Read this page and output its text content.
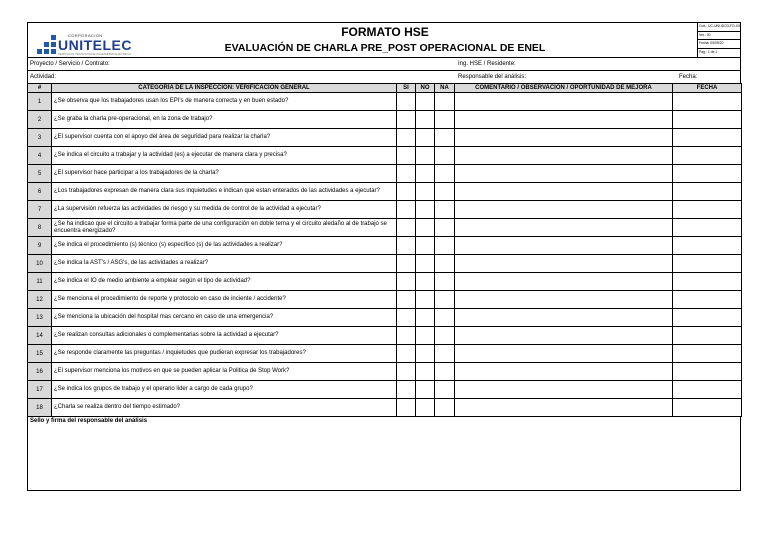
CORPORACIÓN
UNITELEC
SERVICIOS TÉCNICOS DE INGENIERÍA ELÉCTRICA
FORMATO HSE
EVALUACIÓN DE CHARLA PRE_POST OPERACIONAL DE ENEL
Cod.: UC-UNI-SIG3-FO-XX
Ver.: 00
Fecha: 09/09/20
Pag.: 1 de 1
Proyecto / Servicio / Contrato:	Ing. HSE / Residente:
Actividad:	Responsable del análisis:	Fecha:
#	CATEGORÍA DE LA INSPECCIÓN: VERIFICACIÓN GENERAL	SI	NO	NA	COMENTARIO / OBSERVACIÓN / OPORTUNIDAD DE MEJORA	FECHA
1	¿Se observa que los trabajadores usan los EPI's de manera correcta y en buen estado?					
2	¿Se graba la charla pre-operacional, en la zona de trabajo?					
3	¿El supervisor cuenta con el apoyo del área de seguridad para realizar la charla?					
4	¿Se indica el circuito a trabajar y la actividad (es) a ejecutar de manera clara y precisa?					
5	¿El supervisor hace participar a los trabajadores de la charla?					
6	¿Los trabajadores expresan de manera clara sus inquietudes e indican que estan enterados de las actividades a ejecutar?					
7	¿La supervisión refuerza las actividades de riesgo y su medida de control de la actividad a ejecutar?					
8	¿Se ha indicao que el circuito a trabajar forma parte de una configuración en doble terna y el circuito aledaño al de trabajo se encuentra energizado?					
9	¿Se indica el procedimiento (s) técnico (s) específico (s) de las actividades a realizar?					
10	¿Se indica la AST's / ASG's, de las actividades a realizar?					
11	¿Se indica el IO de medio ambiente a emplear según el tipo de actividad?					
12	¿Se menciona el procedimiento de reporte y protocolo en caso de inciente / accidente?					
13	¿Se menciona la ubicación del hospital mas cercano en caso de una emergencia?					
14	¿Se realizan consultas adicionales o complementarias sobre la actividad a ejecutar?					
15	¿Se responde claramente las preguntas / inquietudes que pudieran expresar los trabajadores?					
16	¿El supervisor menciona los motivos en que se pueden aplicar la Politica de Stop Work?					
17	¿Se indica los grupos de trabajo y el operario lider a cargo de cada grupo?					
18	¿Charla se realiza dentro del tiempo estimado?					
Sello y firma del responsable del análisis
